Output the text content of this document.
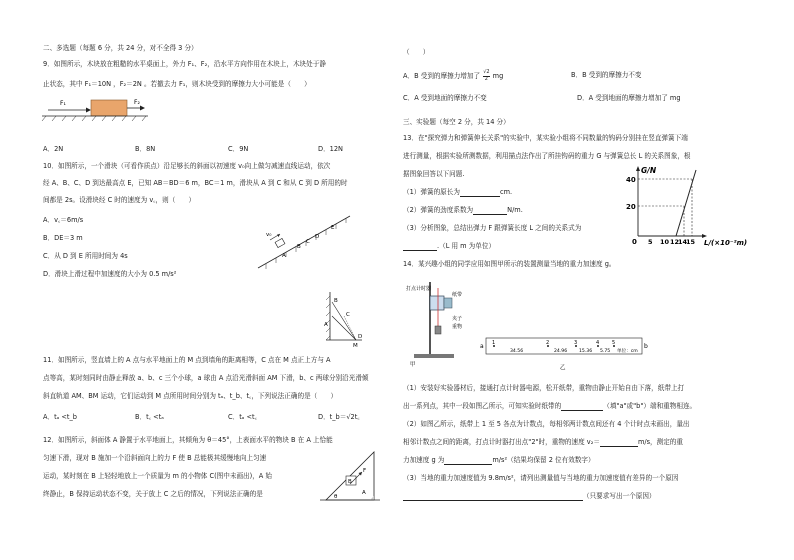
二、多选题（每题 6 分，共 24 分，对不全得 3 分）
9．如图所示，木块放在粗糙的水平桌面上，外力 F₁、F₂，沿水平方向作用在木块上，木块处于静
止状态，其中 F₁＝10N ，F₂＝2N 。若撤去力 F₁，则木块受到的摩擦力大小可能是（　　）
F₁	F₂
A．2N	B．8N	C．9N	D．12N
10．如图所示，一个滑块（可看作质点）沿足够长的斜面以初速度 v₀向上做匀减速直线运动，依次
经 A、B、C、D 到达最高点 E，已知 AB＝BD＝6 m，BC＝1 m，滑块从 A 到 C 和从 C 到 D 所用的时
间都是 2s。设滑块经 C 时的速度为 v꜀，则（　　）
A．v꜀＝6m/s
B．DE＝3 m
C．从 D 到 E 所用时间为 4s
D．滑块上滑过程中加速度的大小为 0.5 m/s²
v₀
A
B
C
D
E
B
A
C
D
M
11．如图所示，竖直墙上的 A 点与水平地面上的 M 点到墙角的距离相等，C 点在 M 点正上方与 A
点等高，某时刻同时由静止释放 a、b、c 三个小球，a 球由 A 点沿光滑斜面 AM 下滑，b、c 两球分别沿光滑倾
斜直轨道 AM、BM 运动，它们运动到 M 点所用时间分别为 tₐ、t_b、t꜀，下列说法正确的是（　　）
A．tₐ <t_b	B．t꜀ <tₐ	C．tₐ <t꜀	D．t_b＝√2t꜀
12．如图所示，斜面体 A 静置于水平地面上，其倾角为 θ＝45°，上表面水平的物块 B 在 A 上恰能
匀速下滑，现对 B 施加一个沿斜面向上的力 F 使 B 总能极其缓慢地向上匀速
运动，某时刻在 B 上轻轻地放上一个质量为 m 的小物体 C(图中未画出)，A 始
终静止，B 保持运动状态不变，关于放上 C 之后的情况，下列说法正确的是
F
B
A
θ
（　　）
A．B 受到的摩擦力增加了 $\frac{√2}{2}$ mg	B．B 受到的摩擦力不变
C．A 受到地面的摩擦力不变	D．A 受到地面的摩擦力增加了 mg
三、实验题（每空 2 分，共 14 分）
13．在"探究弹力和弹簧伸长关系"的实验中，某实验小组将不同数量的钩码分别挂在竖直弹簧下端
进行测量，根据实验所测数据，利用描点法作出了所挂钩码的重力 G 与弹簧总长 L 的关系图象，根
据图象回答以下问题.
（1）弹簧的原长为	cm.
（2）弹簧的劲度系数为	N/m.
（3）分析图象，总结出弹力 F 跟弹簧长度 L 之间的关系式为
.（L 用 m 为单位）
G/N
L/(×10⁻²m)
40
20
0 5 10 12
14
15
14．某兴趣小组的同学应用如图甲所示的装置测量当地的重力加速度 g。
打点计时器
纸带
夹子
重物
甲
a	b
1	2	3	4	5
34.56	24.96	15.36 5.75 单位：cm
乙
（1）安装好实验器材后，接通打点计时器电源，松开纸带，重物由静止开始自由下落，纸带上打
出一系列点，其中一段如图乙所示，可知实验时纸带的	（填"a"或"b"）端和重物相连。
（2）如图乙所示，纸带上 1 至 5 各点为计数点，每相邻两计数点间还有 4 个计时点未画出，量出
相邻计数点之间的距离，打点计时器打出点"2"时，重物的速度 v₂＝	m/s，测定的重
力加速度 g 为	m/s²（结果均保留 2 位有效数字）
（3）当地的重力加速度值为 9.8m/s²，请列出测量值与当地的重力加速度值有差异的一个原因
（只要求写出一个原因）
